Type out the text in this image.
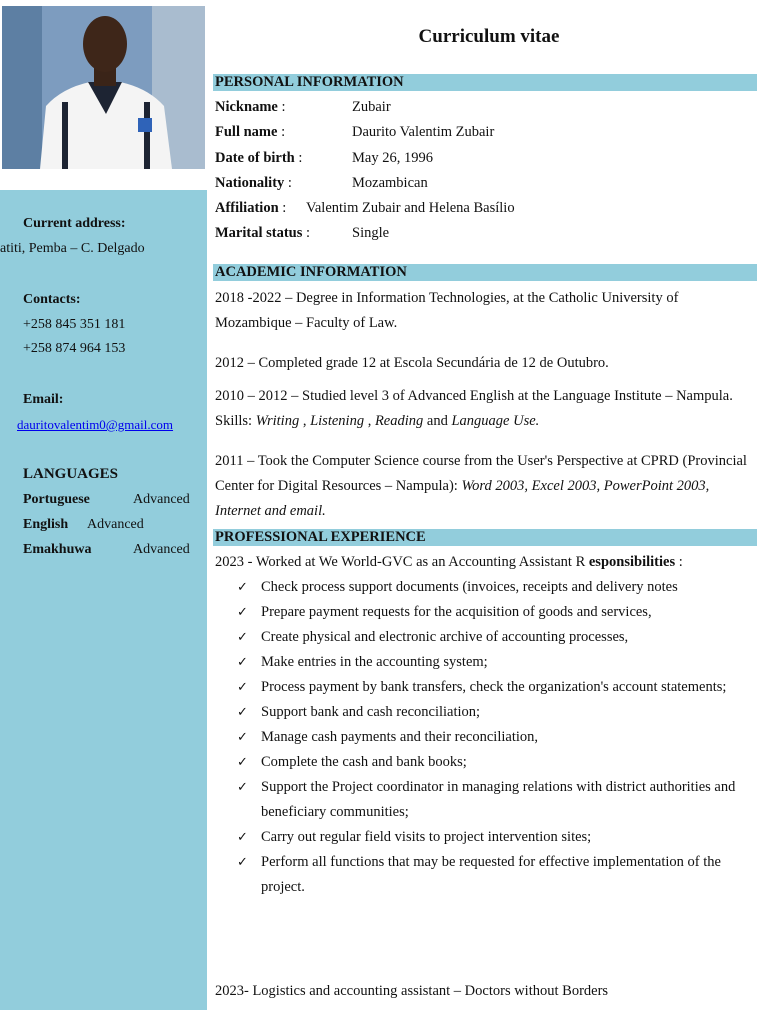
Current address:
atiti, Pemba – C. Delgado
Contacts:
+258 845 351 181
+258 874 964 153
Email:
dauritovalentim0@gmail.com
LANGUAGES
Portuguese	Advanced
English Advanced
Emakhuwa	Advanced
Curriculum vitae
PERSONAL INFORMATION
Nickname :	Zubair
Full name :	Daurito Valentim Zubair
Date of birth :	May 26, 1996
Nationality :	Mozambican
Affiliation : Valentim Zubair and Helena Basílio
Marital status :	Single
ACADEMIC INFORMATION
2018 -2022 – Degree in Information Technologies, at the Catholic University of Mozambique – Faculty of Law.
2012 – Completed grade 12 at Escola Secundária de 12 de Outubro.
2010 – 2012 – Studied level 3 of Advanced English at the Language Institute – Nampula. Skills: Writing , Listening , Reading and Language Use.
2011 – Took the Computer Science course from the User's Perspective at CPRD (Provincial Center for Digital Resources – Nampula): Word 2003, Excel 2003, PowerPoint 2003, Internet and email.
PROFESSIONAL EXPERIENCE
2023 - Worked at We World-GVC as an Accounting Assistant R esponsibilities :
✓ Check process support documents (invoices, receipts and delivery notes
✓ Prepare payment requests for the acquisition of goods and services,
✓ Create physical and electronic archive of accounting processes,
✓ Make entries in the accounting system;
✓ Process payment by bank transfers, check the organization's account statements;
✓ Support bank and cash reconciliation;
✓ Manage cash payments and their reconciliation,
✓ Complete the cash and bank books;
✓ Support the Project coordinator in managing relations with district authorities and beneficiary communities;
✓ Carry out regular field visits to project intervention sites;
✓ Perform all functions that may be requested for effective implementation of the project.
2023- Logistics and accounting assistant – Doctors without Borders
